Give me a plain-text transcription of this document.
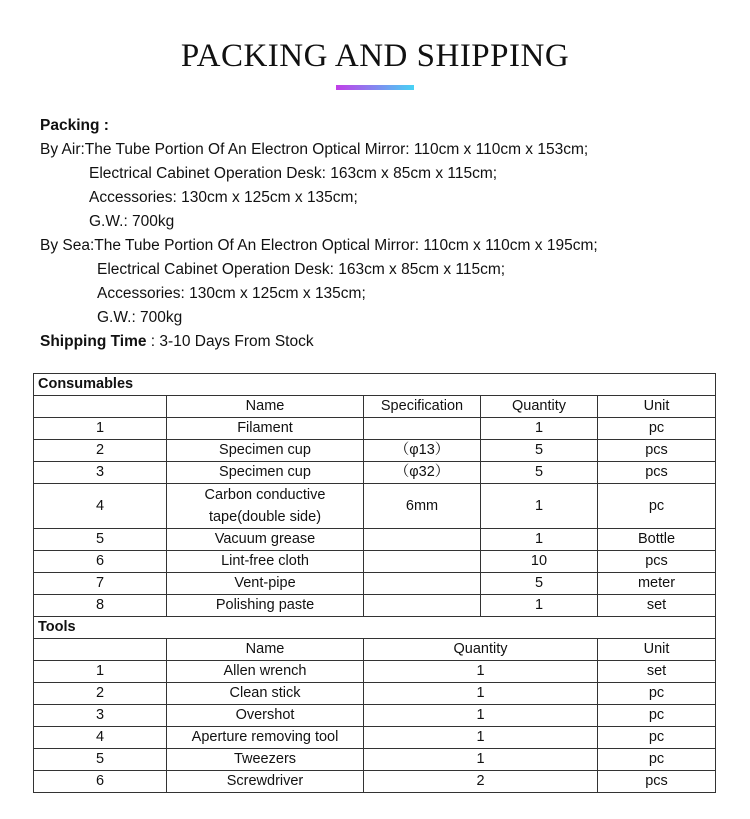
PACKING AND SHIPPING
Packing :
By Air:The Tube Portion Of An Electron Optical Mirror: 110cm x 110cm x 153cm;
Electrical Cabinet Operation Desk: 163cm x 85cm x 115cm;
Accessories: 130cm x 125cm x 135cm;
G.W.: 700kg
By Sea:The Tube Portion Of An Electron Optical Mirror: 110cm x 110cm x 195cm;
Electrical Cabinet Operation Desk: 163cm x 85cm x 115cm;
Accessories: 130cm x 125cm x 135cm;
G.W.: 700kg
Shipping Time : 3-10 Days From Stock
Consumables				
	Name	Specification	Quantity	Unit
1	Filament		1	pc
2	Specimen cup	（φ13）	5	pcs
3	Specimen cup	（φ32）	5	pcs
4	Carbon conductive
tape(double side)	6mm	1	pc
5	Vacuum grease		1	Bottle
6	Lint-free cloth		10	pcs
7	Vent-pipe		5	meter
8	Polishing paste		1	set
Tools				
	Name	Quantity		Unit
1	Allen wrench	1		set
2	Clean stick	1		pc
3	Overshot	1		pc
4	Aperture removing tool	1		pc
5	Tweezers	1		pc
6	Screwdriver	2		pcs
